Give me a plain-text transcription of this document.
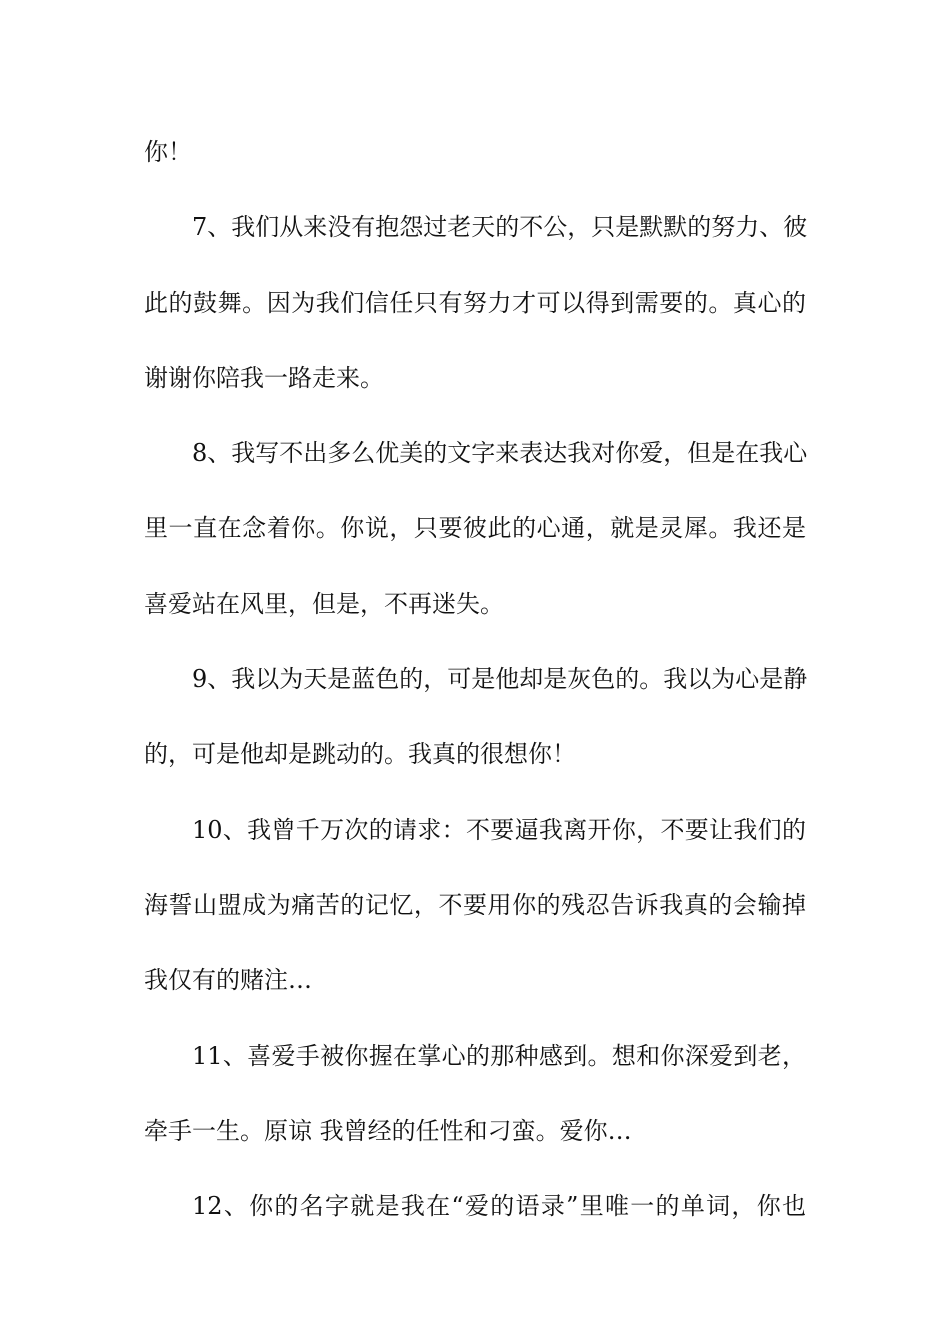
你！
7、我们从来没有抱怨过老天的不公，只是默默的努力、彼
此的鼓舞。因为我们信任只有努力才可以得到需要的。真心的
谢谢你陪我一路走来。
8、我写不出多么优美的文字来表达我对你爱，但是在我心
里一直在念着你。你说，只要彼此的心通，就是灵犀。我还是
喜爱站在风里，但是，不再迷失。
9、我以为天是蓝色的，可是他却是灰色的。我以为心是静
的，可是他却是跳动的。我真的很想你！
10、我曾千万次的请求：不要逼我离开你，不要让我们的
海誓山盟成为痛苦的记忆，不要用你的残忍告诉我真的会输掉
我仅有的赌注…
11、喜爱手被你握在掌心的那种感到。想和你深爱到老，
牵手一生。原谅 我曾经的任性和刁蛮。爱你…
12、你的名字就是我在“爱的语录”里唯一的单词，你也
